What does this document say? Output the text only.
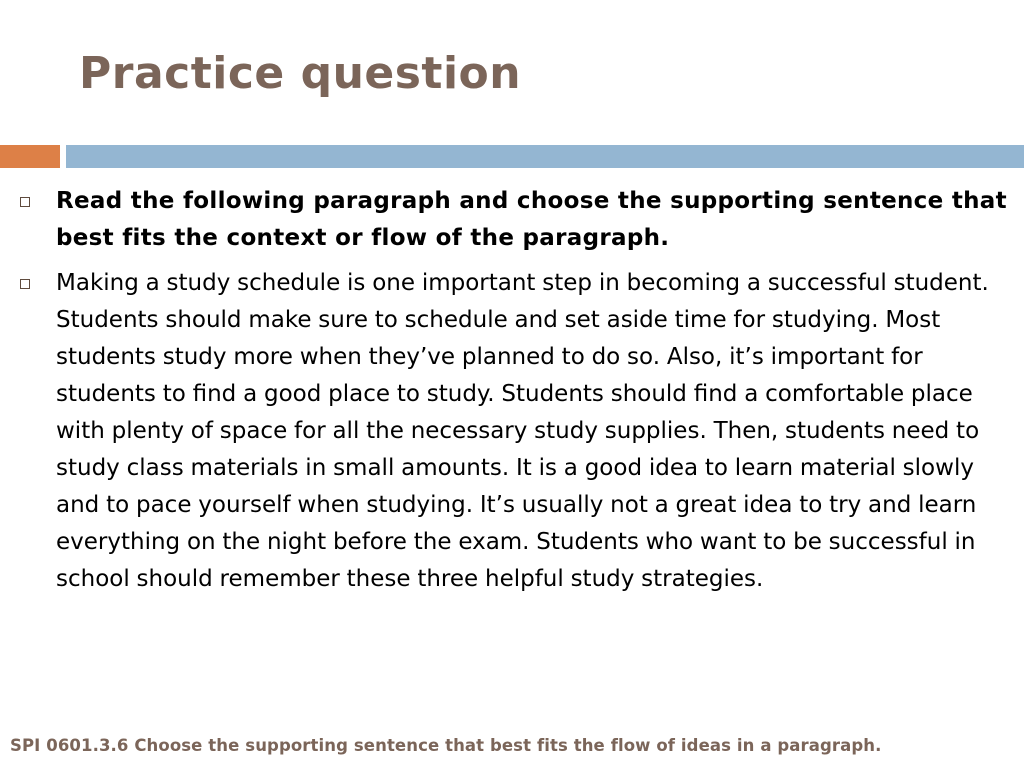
Practice question
Read the following paragraph and choose the supporting sentence that best fits the context or flow of the paragraph.
Making a study schedule is one important step in becoming a successful student. Students should make sure to schedule and set aside time for studying. Most students study more when they’ve planned to do so. Also, it’s important for students to find a good place to study. Students should find a comfortable place with plenty of space for all the necessary study supplies. Then, students need to study class materials in small amounts. It is a good idea to learn material slowly and to pace yourself when studying. It’s usually not a great idea to try and learn everything on the night before the exam. Students who want to be successful in school should remember these three helpful study strategies.
SPI 0601.3.6 Choose the supporting sentence that best fits the flow of ideas in a paragraph.
